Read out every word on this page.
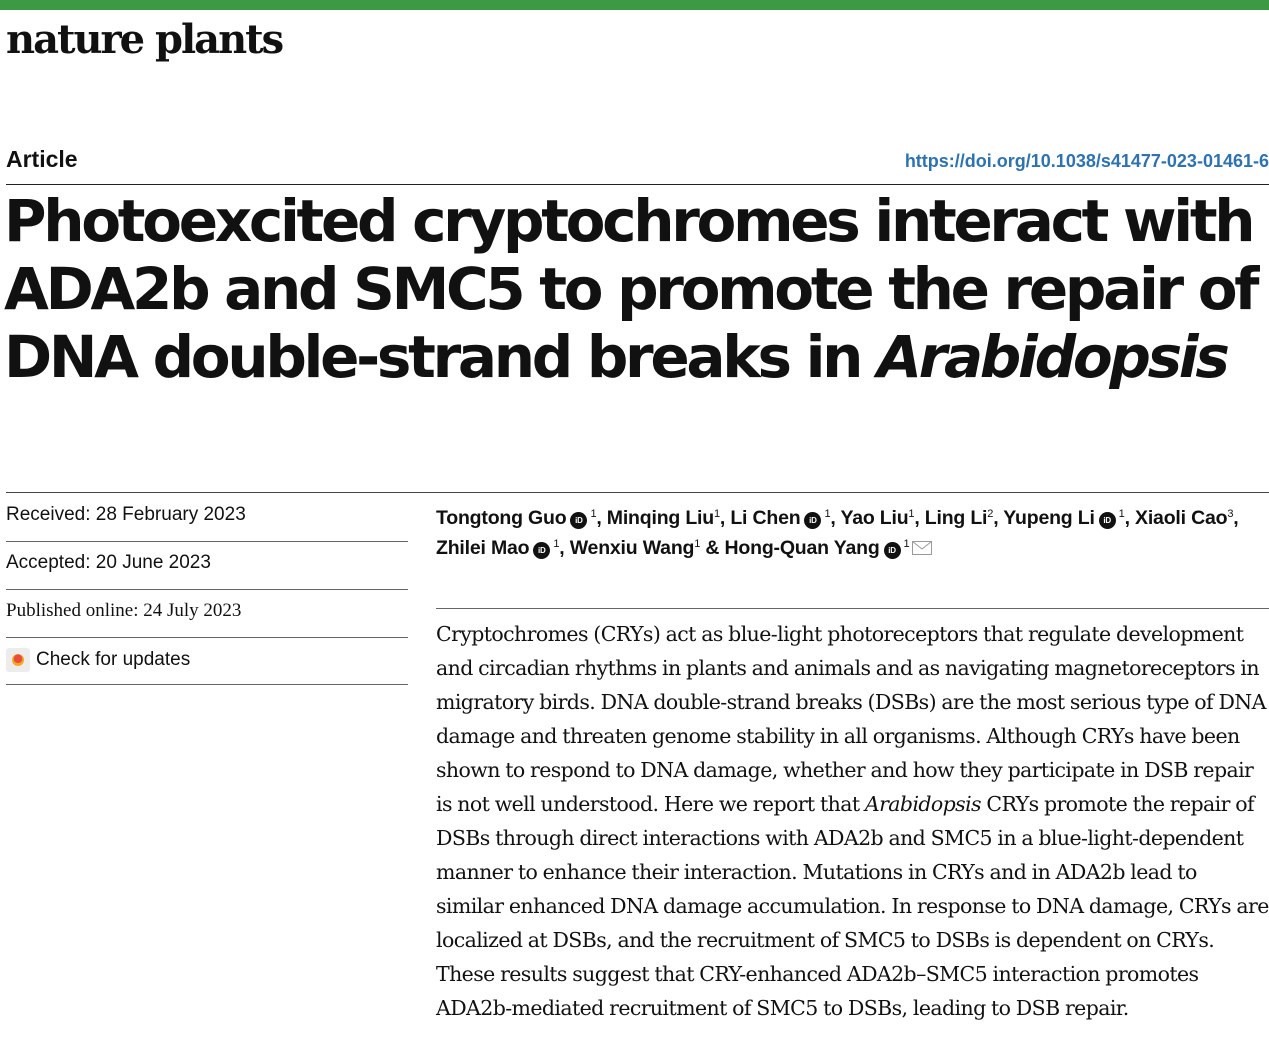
nature plants
Article	https://doi.org/10.1038/s41477-023-01461-6
Photoexcited cryptochromes interact with ADA2b and SMC5 to promote the repair of DNA double-strand breaks in Arabidopsis
Received: 28 February 2023
Accepted: 20 June 2023
Published online: 24 July 2023
Check for updates
Tongtong Guo $iD^1$, Minqing Liu$^1$, Li Chen $iD^1$, Yao Liu$^1$, Ling Li$^2$, Yupeng Li $iD^1$, Xiaoli Cao$^3$, Zhilei Mao $iD^1$, Wenxiu Wang$^1$ & Hong-Quan Yang $iD^1$

Cryptochromes (CRYs) act as blue-light photoreceptors that regulate development and circadian rhythms in plants and animals and as navigating magnetoreceptors in migratory birds. DNA double-strand breaks (DSBs) are the most serious type of DNA damage and threaten genome stability in all organisms. Although CRYs have been shown to respond to DNA damage, whether and how they participate in DSB repair is not well understood. Here we report that Arabidopsis CRYs promote the repair of DSBs through direct interactions with ADA2b and SMC5 in a blue-light-dependent manner to enhance their interaction. Mutations in CRYs and in ADA2b lead to similar enhanced DNA damage accumulation. In response to DNA damage, CRYs are localized at DSBs, and the recruitment of SMC5 to DSBs is dependent on CRYs. These results suggest that CRY-enhanced ADA2b–SMC5 interaction promotes ADA2b-mediated recruitment of SMC5 to DSBs, leading to DSB repair.
